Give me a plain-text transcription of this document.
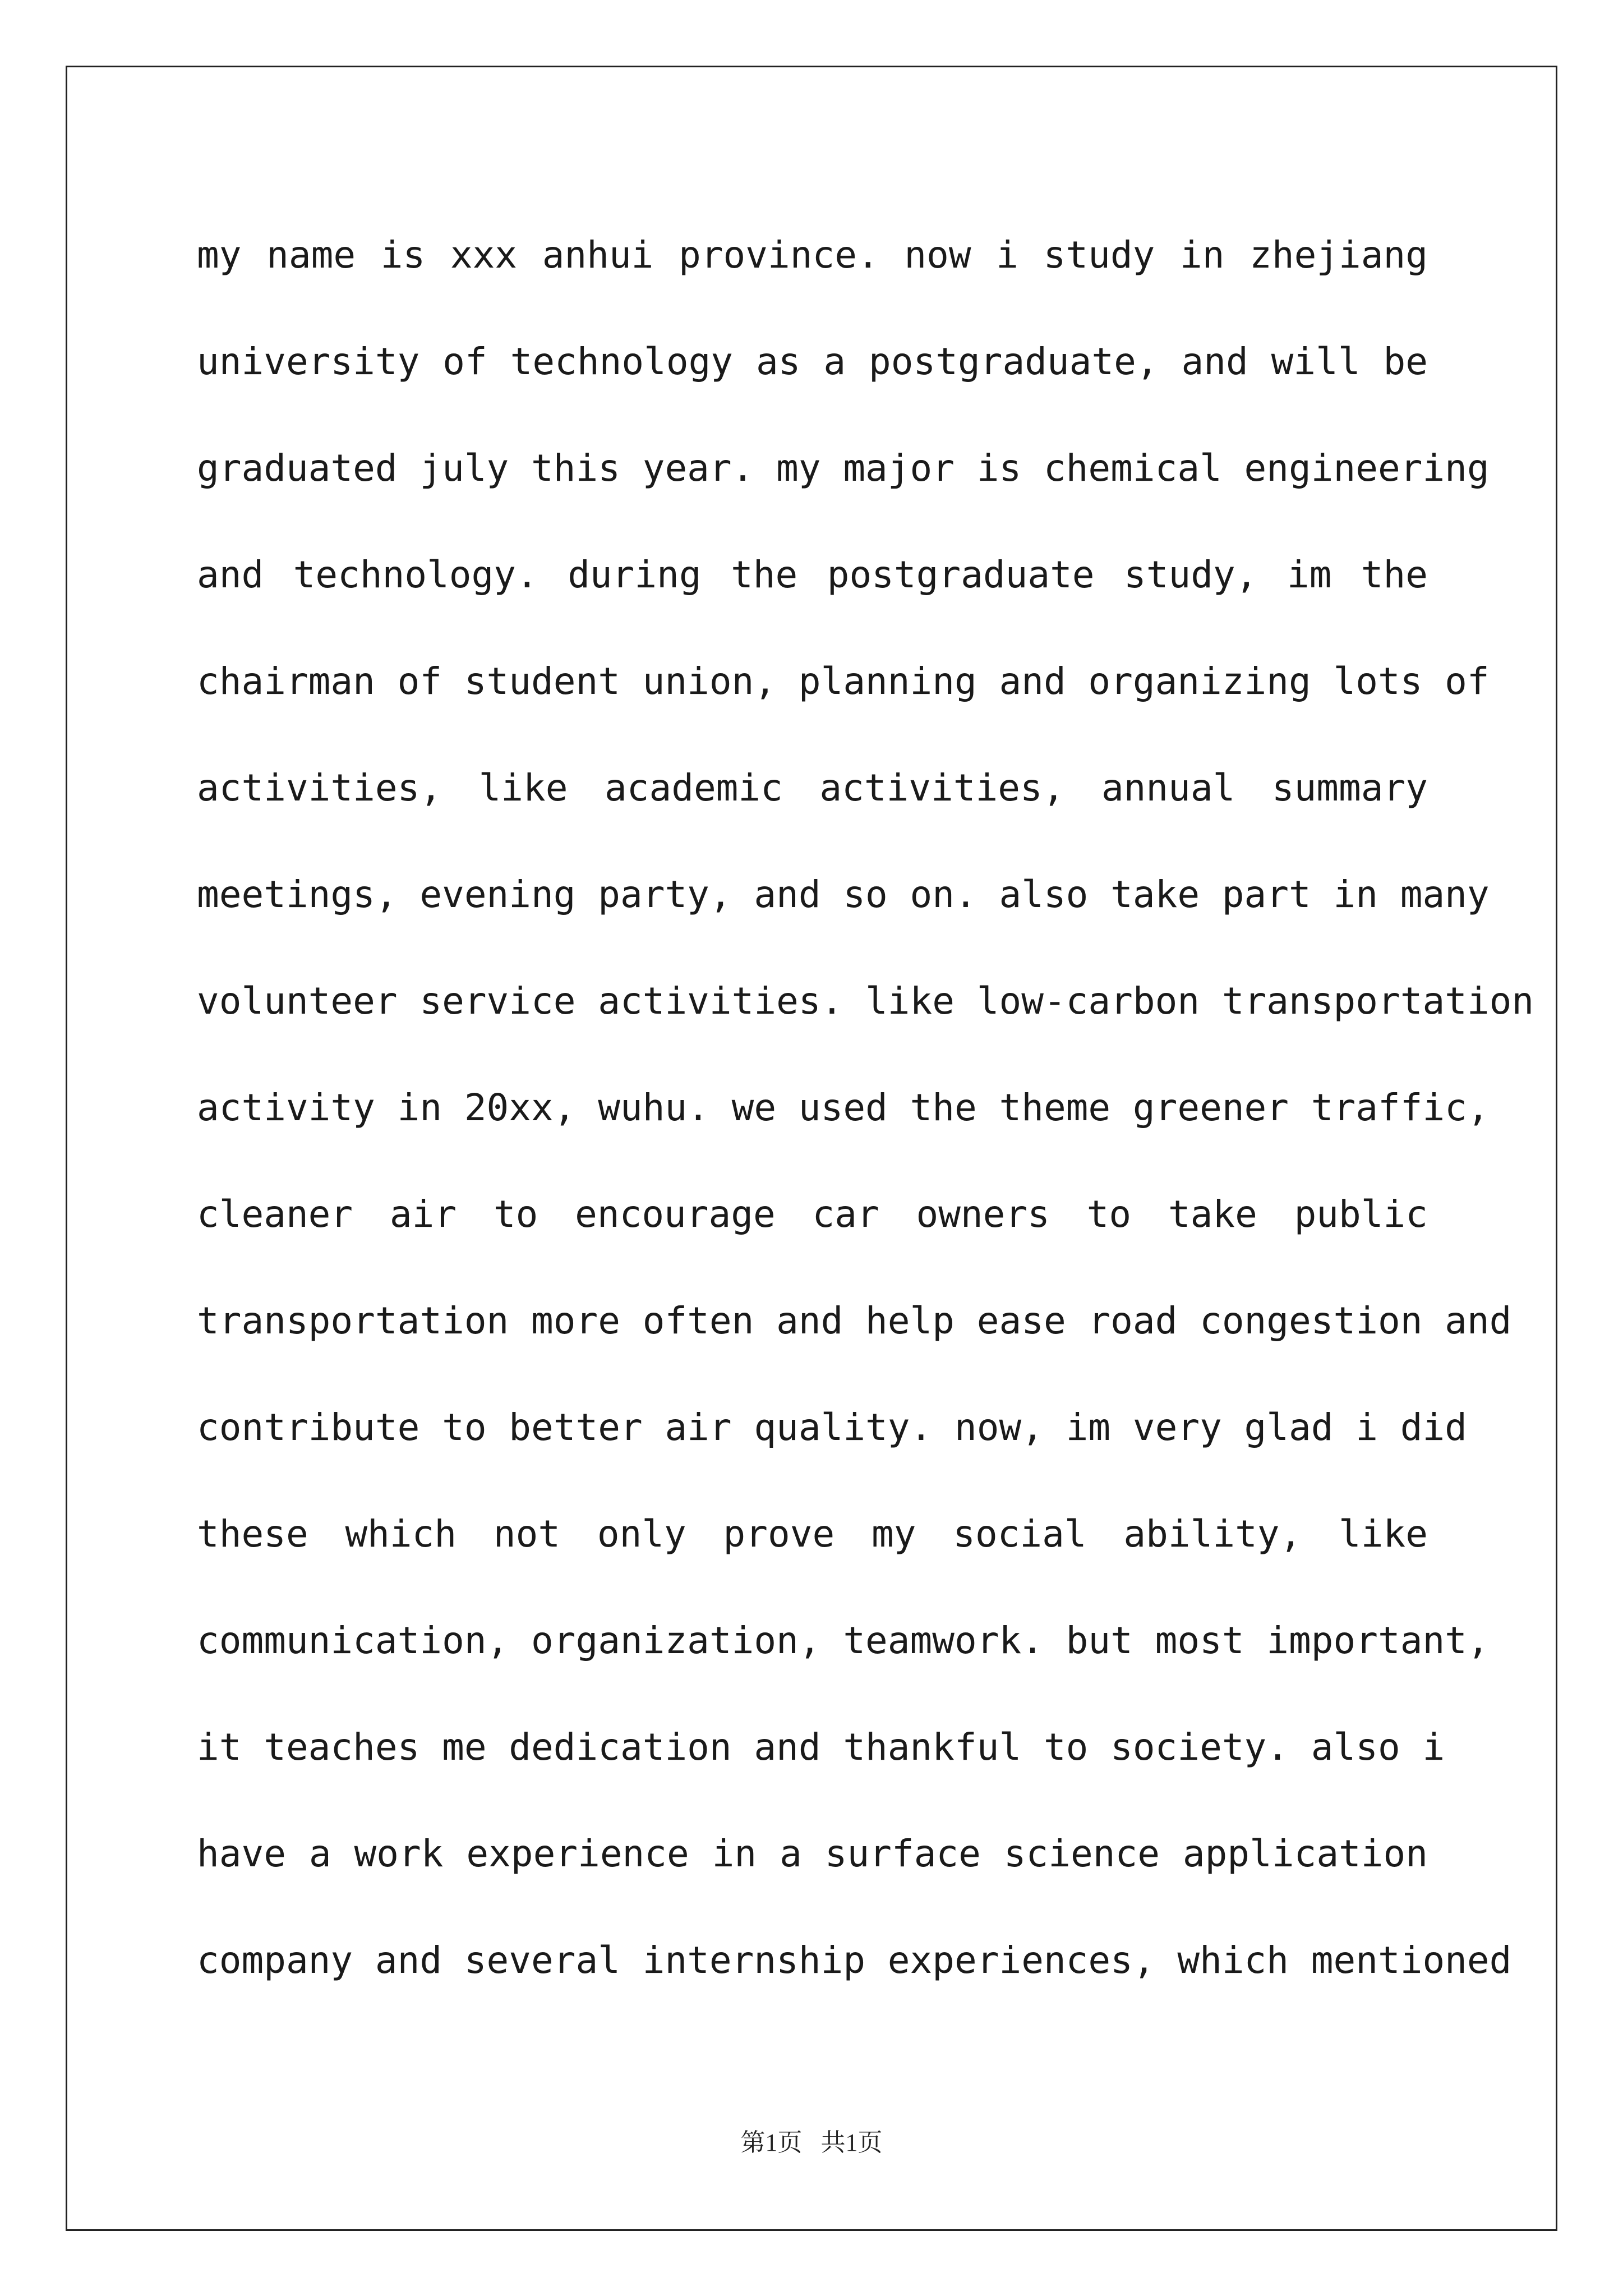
my name is xxx anhui province. now i study in zhejiang
university of technology as a postgraduate, and will be
graduated july this year. my major is chemical engineering
and technology. during the postgraduate study, im the
chairman of student union, planning and organizing lots of
activities, like academic activities, annual summary
meetings, evening party, and so on. also take part in many
volunteer service activities. like low-carbon transportation
activity in 20xx, wuhu. we used the theme greener traffic,
cleaner air to encourage car owners to take public
transportation more often and help ease road congestion and
contribute to better air quality. now, im very glad i did
these which not only prove my social ability, like
communication, organization, teamwork. but most important,
it teaches me dedication and thankful to society. also i
have a work experience in a surface science application
company and several internship experiences, which mentioned
第1页 共1页
